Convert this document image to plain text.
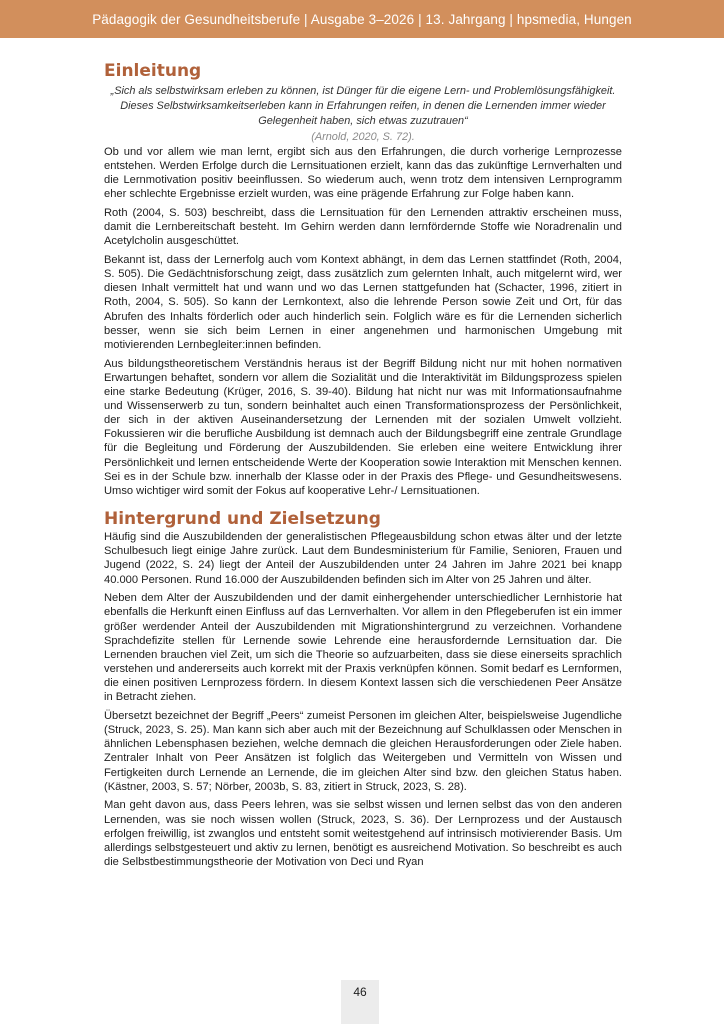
Pädagogik der Gesundheitsberufe | Ausgabe 3–2026 | 13. Jahrgang | hpsmedia, Hungen
Einleitung
„Sich als selbstwirksam erleben zu können, ist Dünger für die eigene Lern- und Problemlösungsfähigkeit. Dieses Selbstwirksamkeitserleben kann in Erfahrungen reifen, in denen die Lernenden immer wieder Gelegenheit haben, sich etwas zuzutrauen“
(Arnold, 2020, S. 72).

Ob und vor allem wie man lernt, ergibt sich aus den Erfahrungen, die durch vorherige Lernprozesse entstehen. Werden Erfolge durch die Lernsituationen erzielt, kann das das zukünftige Lernverhalten und die Lernmotivation positiv beeinflussen. So wiederum auch, wenn trotz dem intensiven Lernprogramm eher schlechte Ergebnisse erzielt wurden, was eine prägende Erfahrung zur Folge haben kann.

Roth (2004, S. 503) beschreibt, dass die Lernsituation für den Lernenden attraktiv erscheinen muss, damit die Lernbereitschaft besteht. Im Gehirn werden dann lernfördernde Stoffe wie Noradrenalin und Acetylcholin ausgeschüttet.

Bekannt ist, dass der Lernerfolg auch vom Kontext abhängt, in dem das Lernen stattfindet (Roth, 2004, S. 505). Die Gedächtnisforschung zeigt, dass zusätzlich zum gelernten Inhalt, auch mitgelernt wird, wer diesen Inhalt vermittelt hat und wann und wo das Lernen stattgefunden hat (Schacter, 1996, zitiert in Roth, 2004, S. 505). So kann der Lernkontext, also die lehrende Person sowie Zeit und Ort, für das Abrufen des Inhalts förderlich oder auch hinderlich sein. Folglich wäre es für die Lernenden sicherlich besser, wenn sie sich beim Lernen in einer angenehmen und harmonischen Umgebung mit motivierenden Lernbegleiter:innen befinden.

Aus bildungstheoretischem Verständnis heraus ist der Begriff Bildung nicht nur mit hohen normativen Erwartungen behaftet, sondern vor allem die Sozialität und die Interaktivität im Bildungsprozess spielen eine starke Bedeutung (Krüger, 2016, S. 39-40). Bildung hat nicht nur was mit Informationsaufnahme und Wissenserwerb zu tun, sondern beinhaltet auch einen Transformationsprozess der Persönlichkeit, der sich in der aktiven Auseinandersetzung der Lernenden mit der sozialen Umwelt vollzieht. Fokussieren wir die berufliche Ausbildung ist demnach auch der Bildungsbegriff eine zentrale Grundlage für die Begleitung und Förderung der Auszubildenden. Sie erleben eine weitere Entwicklung ihrer Persönlichkeit und lernen entscheidende Werte der Kooperation sowie Interaktion mit Menschen kennen. Sei es in der Schule bzw. innerhalb der Klasse oder in der Praxis des Pflege- und Gesundheitswesens. Umso wichtiger wird somit der Fokus auf kooperative Lehr-/ Lernsituationen.

Hintergrund und Zielsetzung

Häufig sind die Auszubildenden der generalistischen Pflegeausbildung schon etwas älter und der letzte Schulbesuch liegt einige Jahre zurück. Laut dem Bundesministerium für Familie, Senioren, Frauen und Jugend (2022, S. 24) liegt der Anteil der Auszubildenden unter 24 Jahren im Jahre 2021 bei knapp 40.000 Personen. Rund 16.000 der Auszubildenden befinden sich im Alter von 25 Jahren und älter.

Neben dem Alter der Auszubildenden und der damit einhergehender unterschiedlicher Lernhistorie hat ebenfalls die Herkunft einen Einfluss auf das Lernverhalten. Vor allem in den Pflegeberufen ist ein immer größer werdender Anteil der Auszubildenden mit Migrationshintergrund zu verzeichnen. Vorhandene Sprachdefizite stellen für Lernende sowie Lehrende eine herausfordernde Lernsituation dar. Die Lernenden brauchen viel Zeit, um sich die Theorie so aufzuarbeiten, dass sie diese einerseits sprachlich verstehen und andererseits auch korrekt mit der Praxis verknüpfen können. Somit bedarf es Lernformen, die einen positiven Lernprozess fördern. In diesem Kontext lassen sich die verschiedenen Peer Ansätze in Betracht ziehen.

Übersetzt bezeichnet der Begriff „Peers“ zumeist Personen im gleichen Alter, beispielsweise Jugendliche (Struck, 2023, S. 25). Man kann sich aber auch mit der Bezeichnung auf Schulklassen oder Menschen in ähnlichen Lebensphasen beziehen, welche demnach die gleichen Herausforderungen oder Ziele haben. Zentraler Inhalt von Peer Ansätzen ist folglich das Weitergeben und Vermitteln von Wissen und Fertigkeiten durch Lernende an Lernende, die im gleichen Alter sind bzw. den gleichen Status haben. (Kästner, 2003, S. 57; Nörber, 2003b, S. 83, zitiert in Struck, 2023, S. 28).

Man geht davon aus, dass Peers lehren, was sie selbst wissen und lernen selbst das von den anderen Lernenden, was sie noch wissen wollen (Struck, 2023, S. 36). Der Lernprozess und der Austausch erfolgen freiwillig, ist zwanglos und entsteht somit weitestgehend auf intrinsisch motivierender Basis. Um allerdings selbstgesteuert und aktiv zu lernen, benötigt es ausreichend Motivation. So beschreibt es auch die Selbstbestimmungstheorie der Motivation von Deci und Ryan

46
